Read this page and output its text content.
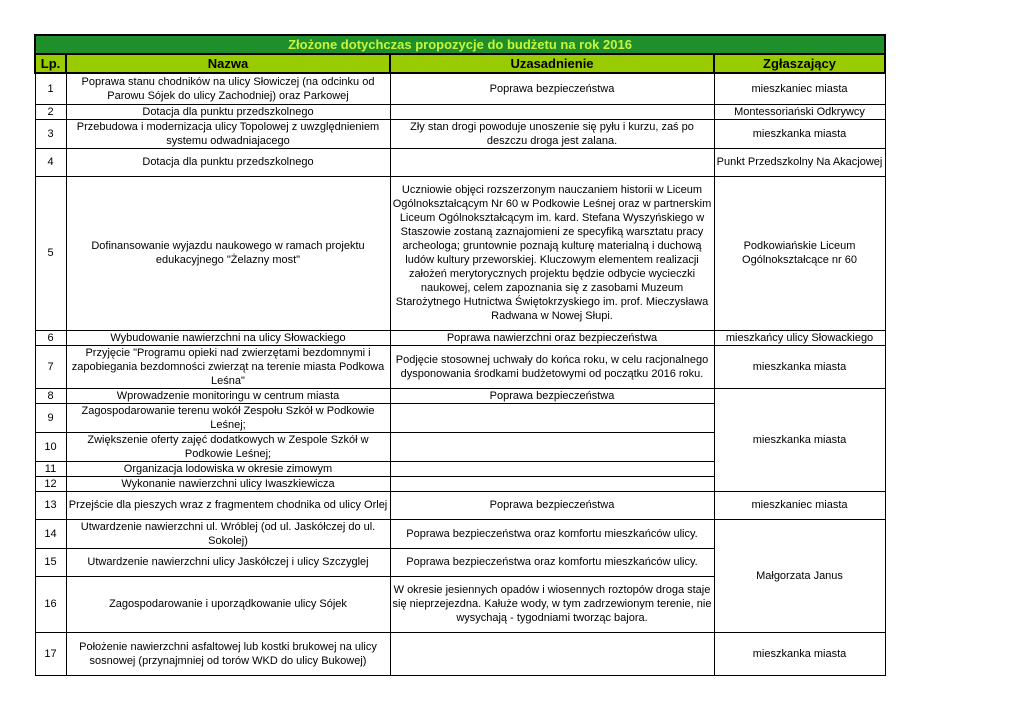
Złożone dotychczas propozycje do budżetu na rok 2016			
Lp.	Nazwa	Uzasadnienie	Zgłaszający
1	Poprawa stanu chodników na ulicy Słowiczej (na odcinku od Parowu Sójek do ulicy Zachodniej) oraz Parkowej	Poprawa bezpieczeństwa	mieszkaniec miasta
2	Dotacja dla punktu przedszkolnego		Montessoriański Odkrywcy
3	Przebudowa i modernizacja ulicy Topolowej z uwzględnieniem systemu odwadniajacego	Zły stan drogi powoduje unoszenie się pyłu i kurzu, zaś po deszczu droga jest zalana.	mieszkanka miasta
4	Dotacja dla punktu przedszkolnego		Punkt Przedszkolny Na Akacjowej
5	Dofinansowanie wyjazdu naukowego w ramach projektu edukacyjnego "Żelazny most"	Uczniowie objęci rozszerzonym nauczaniem historii w Liceum Ogólnokształcącym Nr 60 w Podkowie Leśnej oraz w partnerskim Liceum Ogólnokształcącym im. kard. Stefana Wyszyńskiego w Staszowie zostaną zaznajomieni ze specyfiką warsztatu pracy archeologa; gruntownie poznają kulturę materialną i duchową ludów kultury przeworskiej. Kluczowym elementem realizacji założeń merytorycznych projektu będzie odbycie wycieczki naukowej, celem zapoznania się z zasobami Muzeum Starożytnego Hutnictwa Świętokrzyskiego im. prof. Mieczysława Radwana w Nowej Słupi.	Podkowiańskie Liceum Ogólnokształcące nr 60
6	Wybudowanie nawierzchni na ulicy Słowackiego	Poprawa nawierzchni oraz bezpieczeństwa	mieszkańcy ulicy Słowackiego
7	Przyjęcie "Programu opieki nad zwierzętami bezdomnymi i zapobiegania bezdomności zwierząt na terenie miasta Podkowa Leśna"	Podjęcie stosownej uchwały do końca roku, w celu racjonalnego dysponowania środkami budżetowymi od początku 2016 roku.	mieszkanka miasta
8	Wprowadzenie monitoringu w centrum miasta	Poprawa bezpieczeństwa	mieszkanka miasta
9	Zagospodarowanie terenu wokół Zespołu Szkół w Podkowie Leśnej;		
10	Zwiększenie oferty zajęć dodatkowych w Zespole Szkół w Podkowie Leśnej;		
11	Organizacja lodowiska w okresie zimowym		
12	Wykonanie nawierzchni ulicy Iwaszkiewicza		
13	Przejście dla pieszych wraz z fragmentem chodnika od ulicy Orlej	Poprawa bezpieczeństwa	mieszkaniec miasta
14	Utwardzenie nawierzchni ul. Wróblej (od ul. Jaskółczej do ul. Sokolej)	Poprawa bezpieczeństwa oraz komfortu mieszkańców ulicy.	Małgorzata Janus
15	Utwardzenie nawierzchni ulicy Jaskółczej i ulicy Szczyglej	Poprawa bezpieczeństwa oraz komfortu mieszkańców ulicy.	
16	Zagospodarowanie i uporządkowanie ulicy Sójek	W okresie jesiennych opadów i wiosennych roztopów droga staje się nieprzejezdna. Kałuże wody, w tym zadrzewionym terenie, nie wysychają - tygodniami tworząc bajora.	
17	Położenie nawierzchni asfaltowej lub kostki brukowej na ulicy sosnowej (przynajmniej od torów WKD do ulicy Bukowej)		mieszkanka miasta
